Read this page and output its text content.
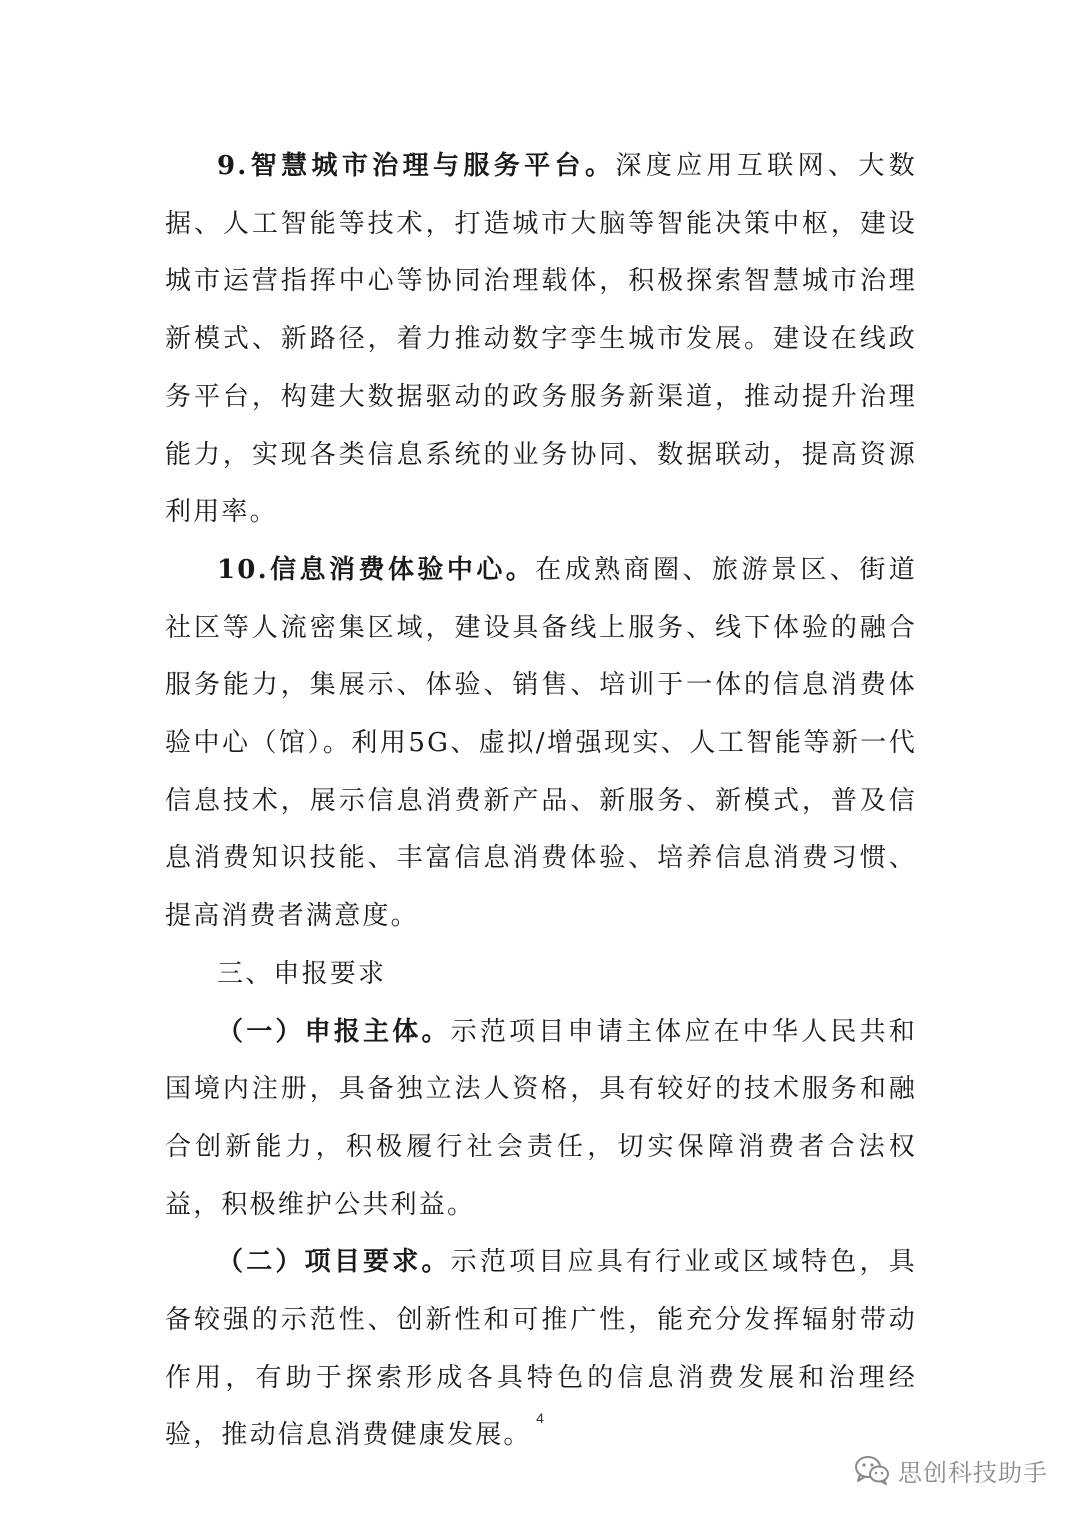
9.智慧城市治理与服务平台。深度应用互联网、大数据、人工智能等技术，打造城市大脑等智能决策中枢，建设城市运营指挥中心等协同治理载体，积极探索智慧城市治理新模式、新路径，着力推动数字孪生城市发展。建设在线政务平台，构建大数据驱动的政务服务新渠道，推动提升治理能力，实现各类信息系统的业务协同、数据联动，提高资源利用率。

10.信息消费体验中心。在成熟商圈、旅游景区、街道社区等人流密集区域，建设具备线上服务、线下体验的融合服务能力，集展示、体验、销售、培训于一体的信息消费体验中心（馆）。利用5G、虚拟/增强现实、人工智能等新一代信息技术，展示信息消费新产品、新服务、新模式，普及信息消费知识技能、丰富信息消费体验、培养信息消费习惯、提高消费者满意度。

三、申报要求

（一）申报主体。示范项目申请主体应在中华人民共和国境内注册，具备独立法人资格，具有较好的技术服务和融合创新能力，积极履行社会责任，切实保障消费者合法权益，积极维护公共利益。

（二）项目要求。示范项目应具有行业或区域特色，具备较强的示范性、创新性和可推广性，能充分发挥辐射带动作用，有助于探索形成各具特色的信息消费发展和治理经验，推动信息消费健康发展。

4
思创科技助手
